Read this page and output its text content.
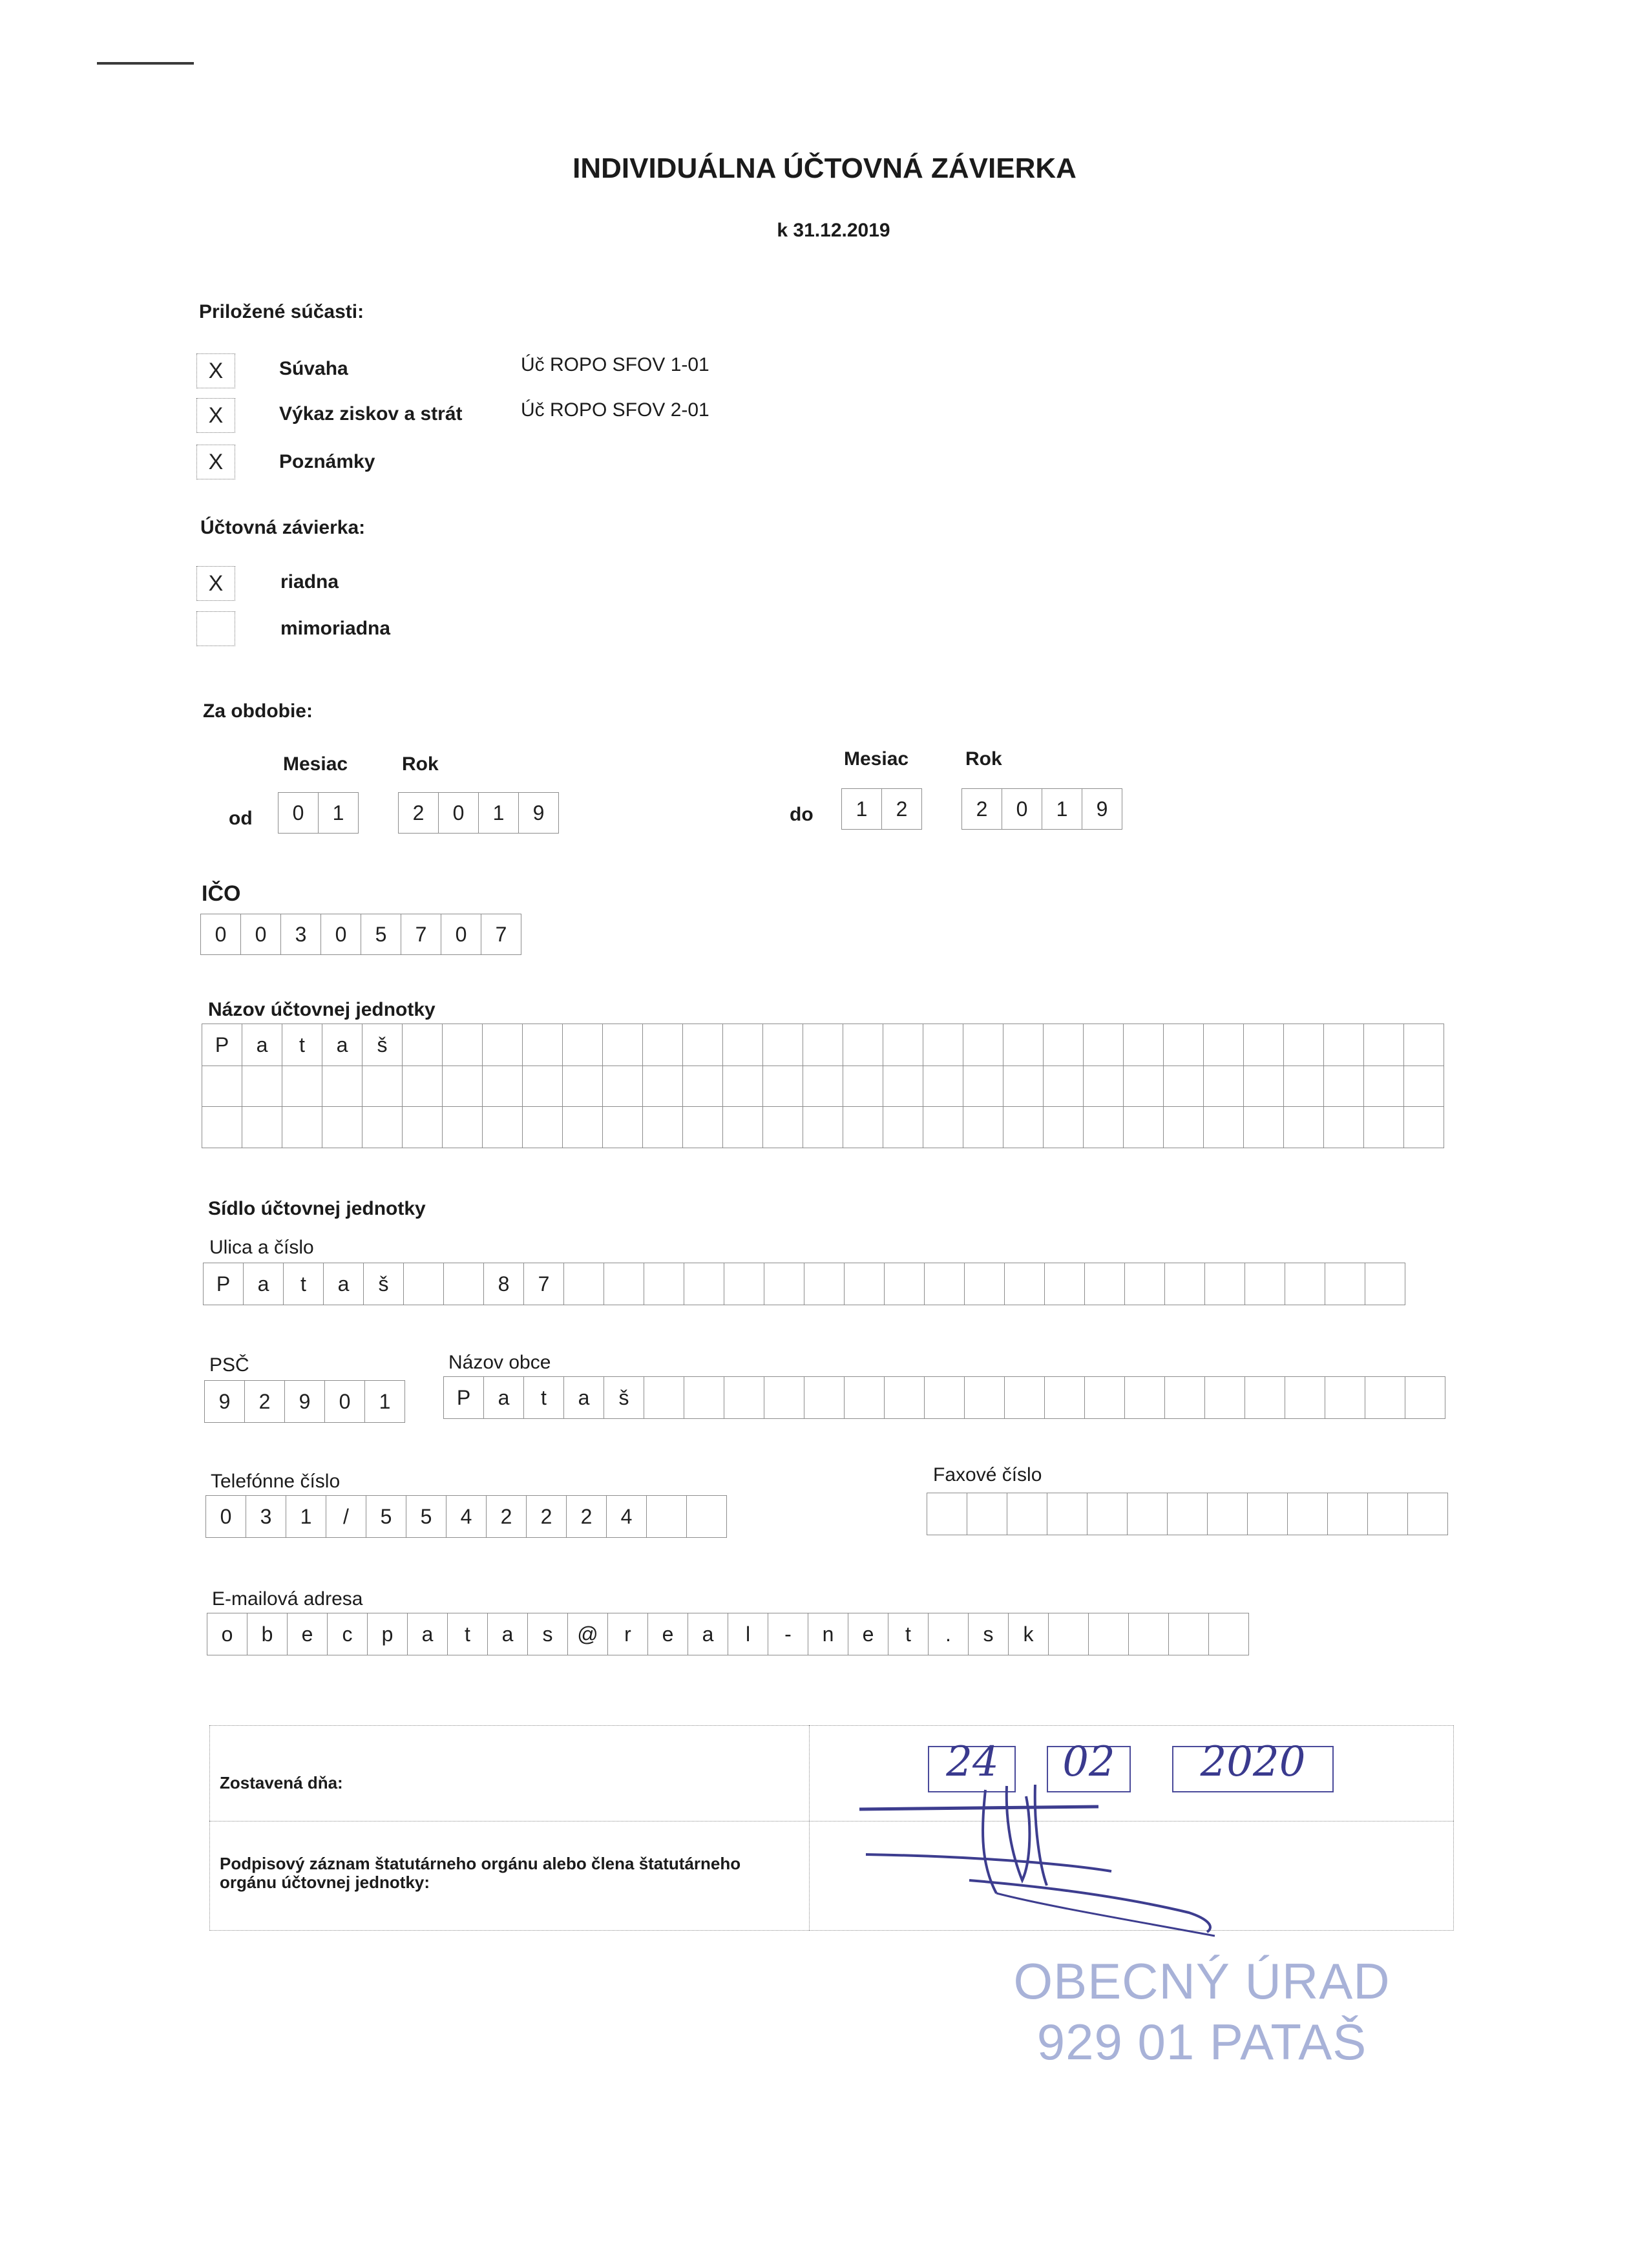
INDIVIDUÁLNA ÚČTOVNÁ ZÁVIERKA
k 31.12.2019
Priložené súčasti:
X	Súvaha	Úč ROPO SFOV 1-01
X	Výkaz ziskov a strát	Úč ROPO SFOV 2-01
X	Poznámky
Účtovná závierka:
X	riadna
mimoriadna
Za obdobie:
Mesiac	Rok	Mesiac	Rok
od	0	1	2	0	1	9	do	1	2	2	0	1	9
IČO
0	0	3	0	5	7	0	7
Názov účtovnej jednotky
P	a	t	a	š
Sídlo účtovnej jednotky
Ulica a číslo
P	a	t	a	š	8	7
PSČ
9	2	9	0	1
Názov obce
P	a	t	a	š
Telefónne číslo
0	3	1	/	5	5	4	2	2	2	4
Faxové číslo
E-mailová adresa
o	b	e	c	p	a	t	a	s	@	r	e	a	l	-	n	e	t	.	s	k
Zostavená dňa:
Podpisový záznam štatutárneho orgánu alebo člena štatutárneho orgánu účtovnej jednotky:
24	02	2020
OBECNÝ ÚRAD
929 01 PATAŠ
